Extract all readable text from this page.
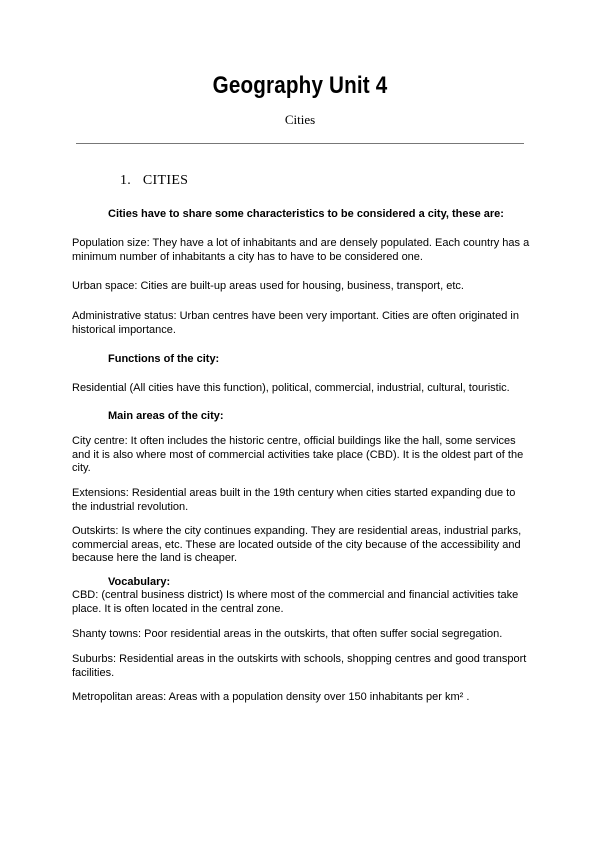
Geography Unit 4
Cities
1. CITIES
Cities have to share some characteristics to be considered a city, these are:
Population size: They have a lot of inhabitants and are densely populated. Each country has a minimum number of inhabitants a city has to have to be considered one.
Urban space: Cities are built-up areas used for housing, business, transport, etc.
Administrative status: Urban centres have been very important. Cities are often originated in historical importance.
Functions of the city:
Residential (All cities have this function), political, commercial, industrial, cultural, touristic.
Main areas of the city:
City centre: It often includes the historic centre, official buildings like the hall, some services and it is also where most of commercial activities take place (CBD). It is the oldest part of the city.
Extensions: Residential areas built in the 19th century when cities started expanding due to the industrial revolution.
Outskirts: Is where the city continues expanding. They are residential areas, industrial parks, commercial areas, etc. These are located outside of the city because of the accessibility and because here the land is cheaper.
Vocabulary:
CBD: (central business district) Is where most of the commercial and financial activities take place. It is often located in the central zone.
Shanty towns: Poor residential areas in the outskirts, that often suffer social segregation.
Suburbs: Residential areas in the outskirts with schools, shopping centres and good transport facilities.
Metropolitan areas: Areas with a population density over 150 inhabitants per km² .
